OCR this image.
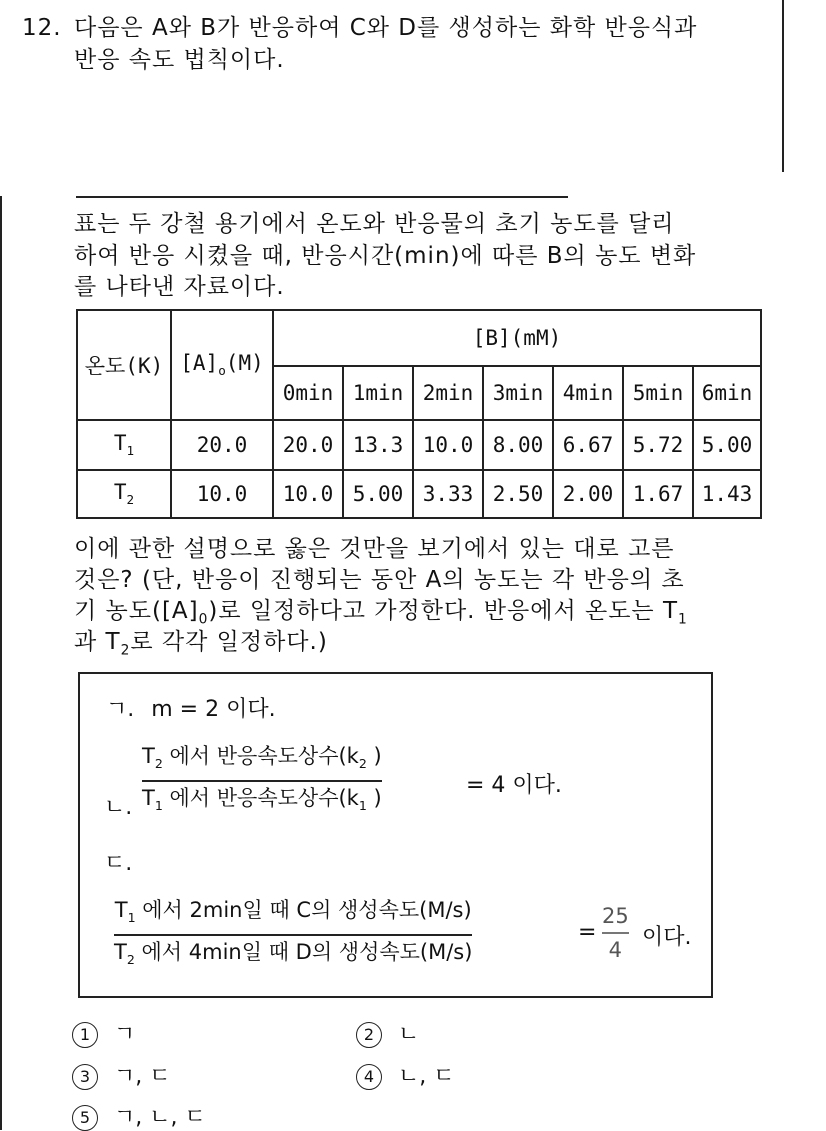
12. 다음은 A와 B가 반응하여 C와 D를 생성하는 화학 반응식과
반응 속도 법칙이다.
표는 두 강철 용기에서 온도와 반응물의 초기 농도를 달리
하여 반응 시켰을 때, 반응시간(min)에 따른 B의 농도 변화
를 나타낸 자료이다.
온도(K)	$[A]_o(M)$	[B](mM)						
		0min	1min	2min	3min	4min	5min	6min
$T_1$	20.0	20.0	13.3	10.0	8.00	6.67	5.72	5.00
$T_2$	10.0	10.0	5.00	3.33	2.50	2.00	1.67	1.43
이에 관한 설명으로 옳은 것만을 보기에서 있는 대로 고른
것은? (단, 반응이 진행되는 동안 A의 농도는 각 반응의 초
기 농도$([A]_0)$로 일정하다고 가정한다. 반응에서 온도는 $T_1$
과 $T_2$로 각각 일정하다.)
ㄱ. m = 2 이다.
ㄴ.
$T_2$ 에서 반응속도상수($k_2$ )
$T_1$ 에서 반응속도상수($k_1$ )
= 4 이다.
ㄷ.
$T_1$ 에서 2min일 때 C의 생성속도(M/s)
$T_2$ 에서 4min일 때 D의 생성속도(M/s)
=
25
4 이다.
1 ㄱ	2 ㄴ
3 ㄱ, ㄷ	4 ㄴ, ㄷ
5 ㄱ, ㄴ, ㄷ
